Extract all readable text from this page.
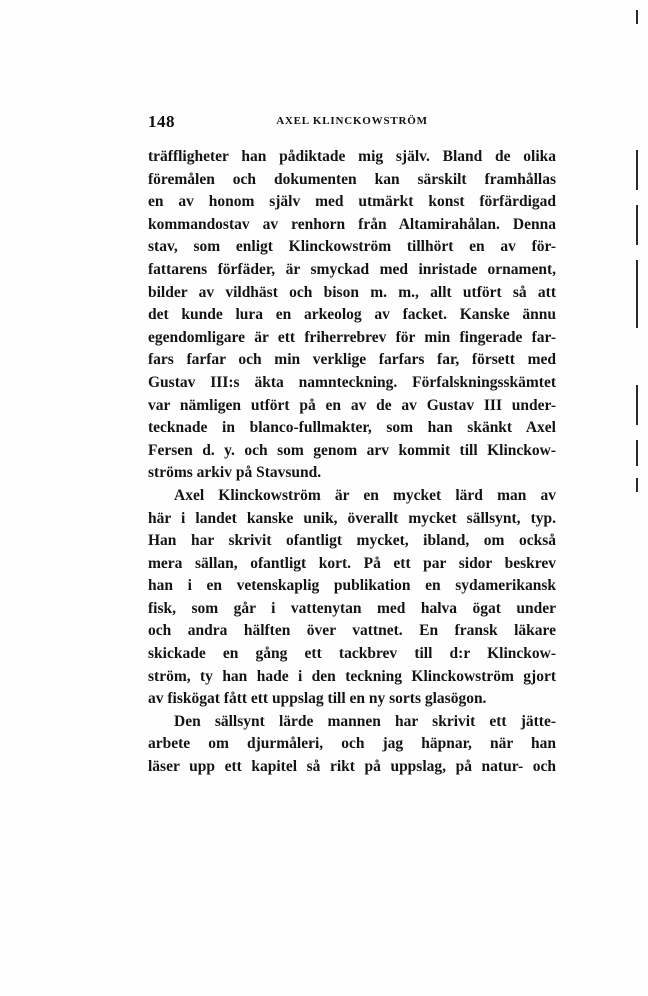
148	AXEL KLINCKOWSTRÖM
träffligheter han pådiktade mig själv. Bland de olika
föremålen och dokumenten kan särskilt framhållas
en av honom själv med utmärkt konst förfärdigad
kommandostav av renhorn från Altamirahålan. Denna
stav, som enligt Klinckowström tillhört en av för-
fattarens förfäder, är smyckad med inristade ornament,
bilder av vildhäst och bison m. m., allt utfört så att
det kunde lura en arkeolog av facket. Kanske ännu
egendomligare är ett friherrebrev för min fingerade far-
fars farfar och min verklige farfars far, försett med
Gustav III:s äkta namnteckning. Förfalskningsskämtet
var nämligen utfört på en av de av Gustav III under-
tecknade in blanco-fullmakter, som han skänkt Axel
Fersen d. y. och som genom arv kommit till Klinckow-
ströms arkiv på Stavsund.
Axel Klinckowström är en mycket lärd man av
här i landet kanske unik, överallt mycket sällsynt, typ.
Han har skrivit ofantligt mycket, ibland, om också
mera sällan, ofantligt kort. På ett par sidor beskrev
han i en vetenskaplig publikation en sydamerikansk
fisk, som går i vattenytan med halva ögat under
och andra hälften över vattnet. En fransk läkare
skickade en gång ett tackbrev till d:r Klinckow-
ström, ty han hade i den teckning Klinckowström gjort
av fiskögat fått ett uppslag till en ny sorts glasögon.
Den sällsynt lärde mannen har skrivit ett jätte-
arbete om djurmåleri, och jag häpnar, när han
läser upp ett kapitel så rikt på uppslag, på natur- och
